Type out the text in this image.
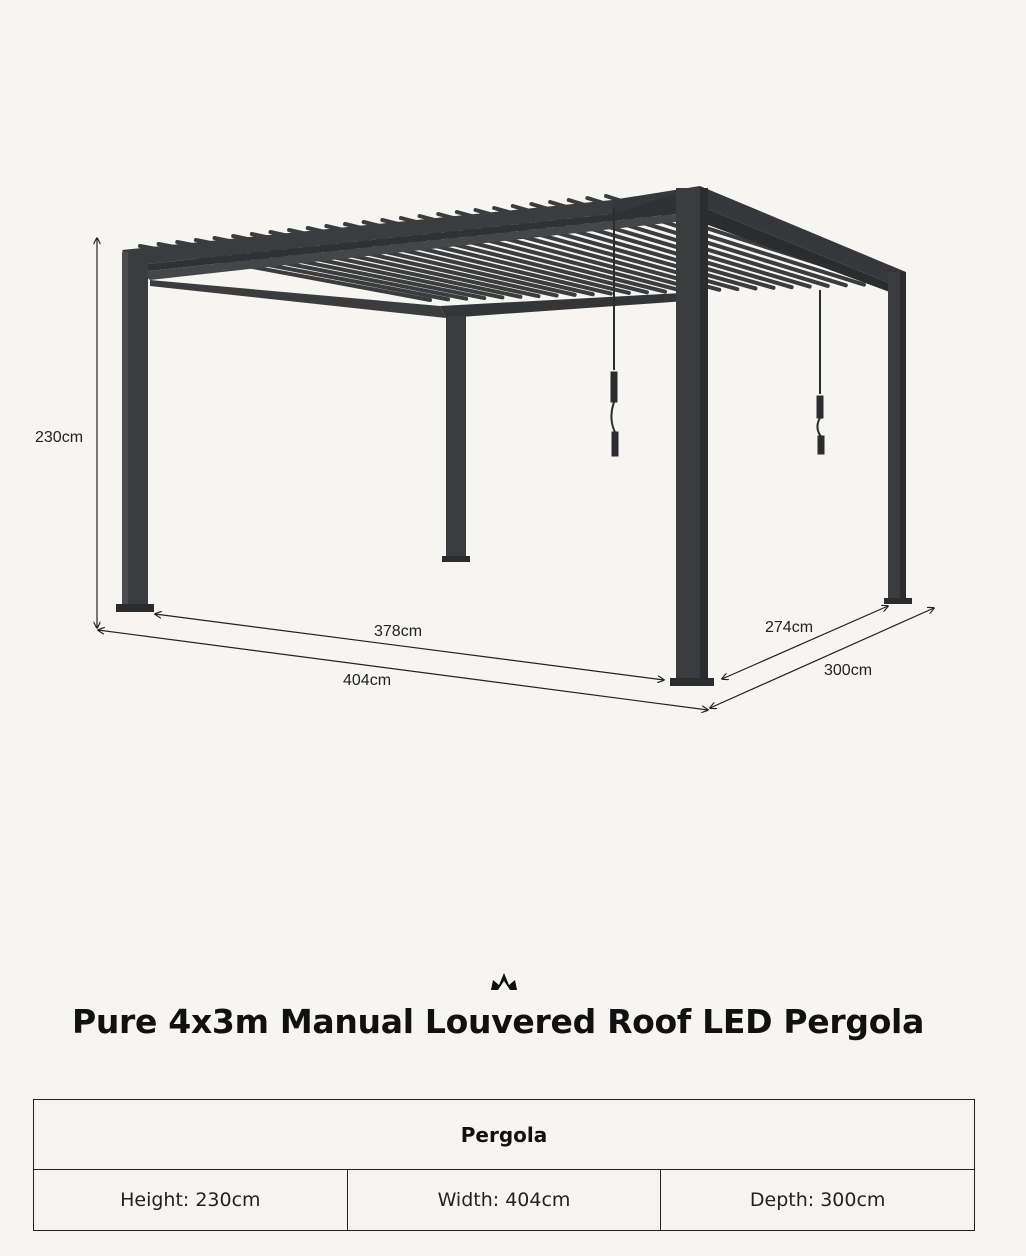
230cm
378cm
404cm
274cm
300cm
Pure 4x3m Manual Louvered Roof LED Pergola
Pergola
Height: 230cm	Width: 404cm	Depth: 300cm
